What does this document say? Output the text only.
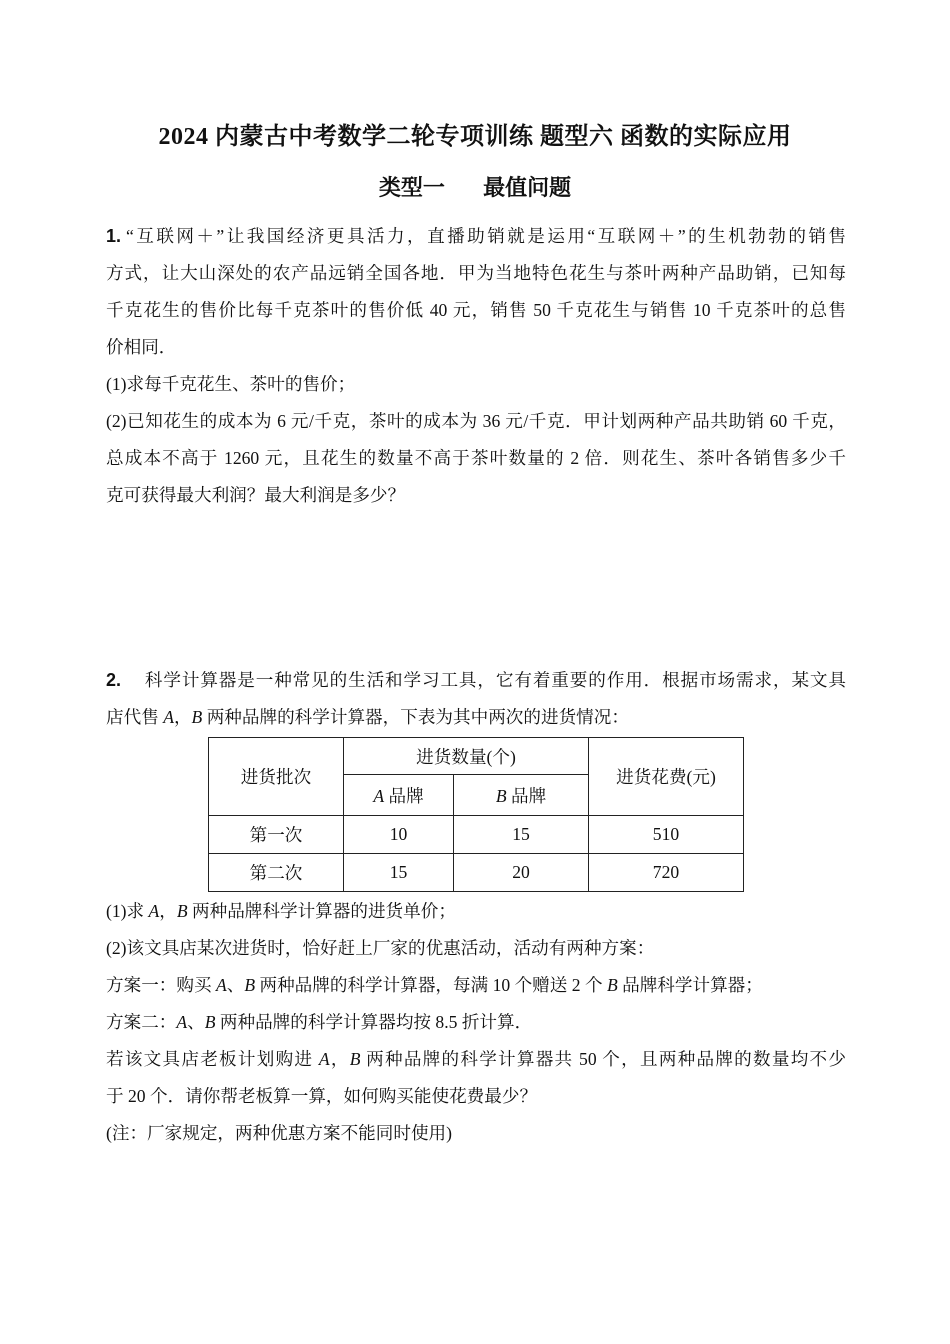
2024 内蒙古中考数学二轮专项训练 题型六 函数的实际应用
类型一 最值问题
1. “互联网＋”让我国经济更具活力，直播助销就是运用“互联网＋”的生机勃勃的销售
方式，让大山深处的农产品远销全国各地．甲为当地特色花生与茶叶两种产品助销，已知每
千克花生的售价比每千克茶叶的售价低 40 元，销售 50 千克花生与销售 10 千克茶叶的总售
价相同．
(1)求每千克花生、茶叶的售价；
(2)已知花生的成本为 6 元/千克，茶叶的成本为 36 元/千克．甲计划两种产品共助销 60 千克，
总成本不高于 1260 元，且花生的数量不高于茶叶数量的 2 倍．则花生、茶叶各销售多少千
克可获得最大利润？最大利润是多少？
2. 科学计算器是一种常见的生活和学习工具，它有着重要的作用．根据市场需求，某文具
店代售 A，B 两种品牌的科学计算器，下表为其中两次的进货情况：
进货批次	进货数量(个)		进货花费(元)
	A 品牌	B 品牌	
第一次	10	15	510
第二次	15	20	720
(1)求 A，B 两种品牌科学计算器的进货单价；
(2)该文具店某次进货时，恰好赶上厂家的优惠活动，活动有两种方案：
方案一：购买 A、B 两种品牌的科学计算器，每满 10 个赠送 2 个 B 品牌科学计算器；
方案二：A、B 两种品牌的科学计算器均按 8.5 折计算．
若该文具店老板计划购进 A，B 两种品牌的科学计算器共 50 个，且两种品牌的数量均不少
于 20 个．请你帮老板算一算，如何购买能使花费最少？
(注：厂家规定，两种优惠方案不能同时使用)
